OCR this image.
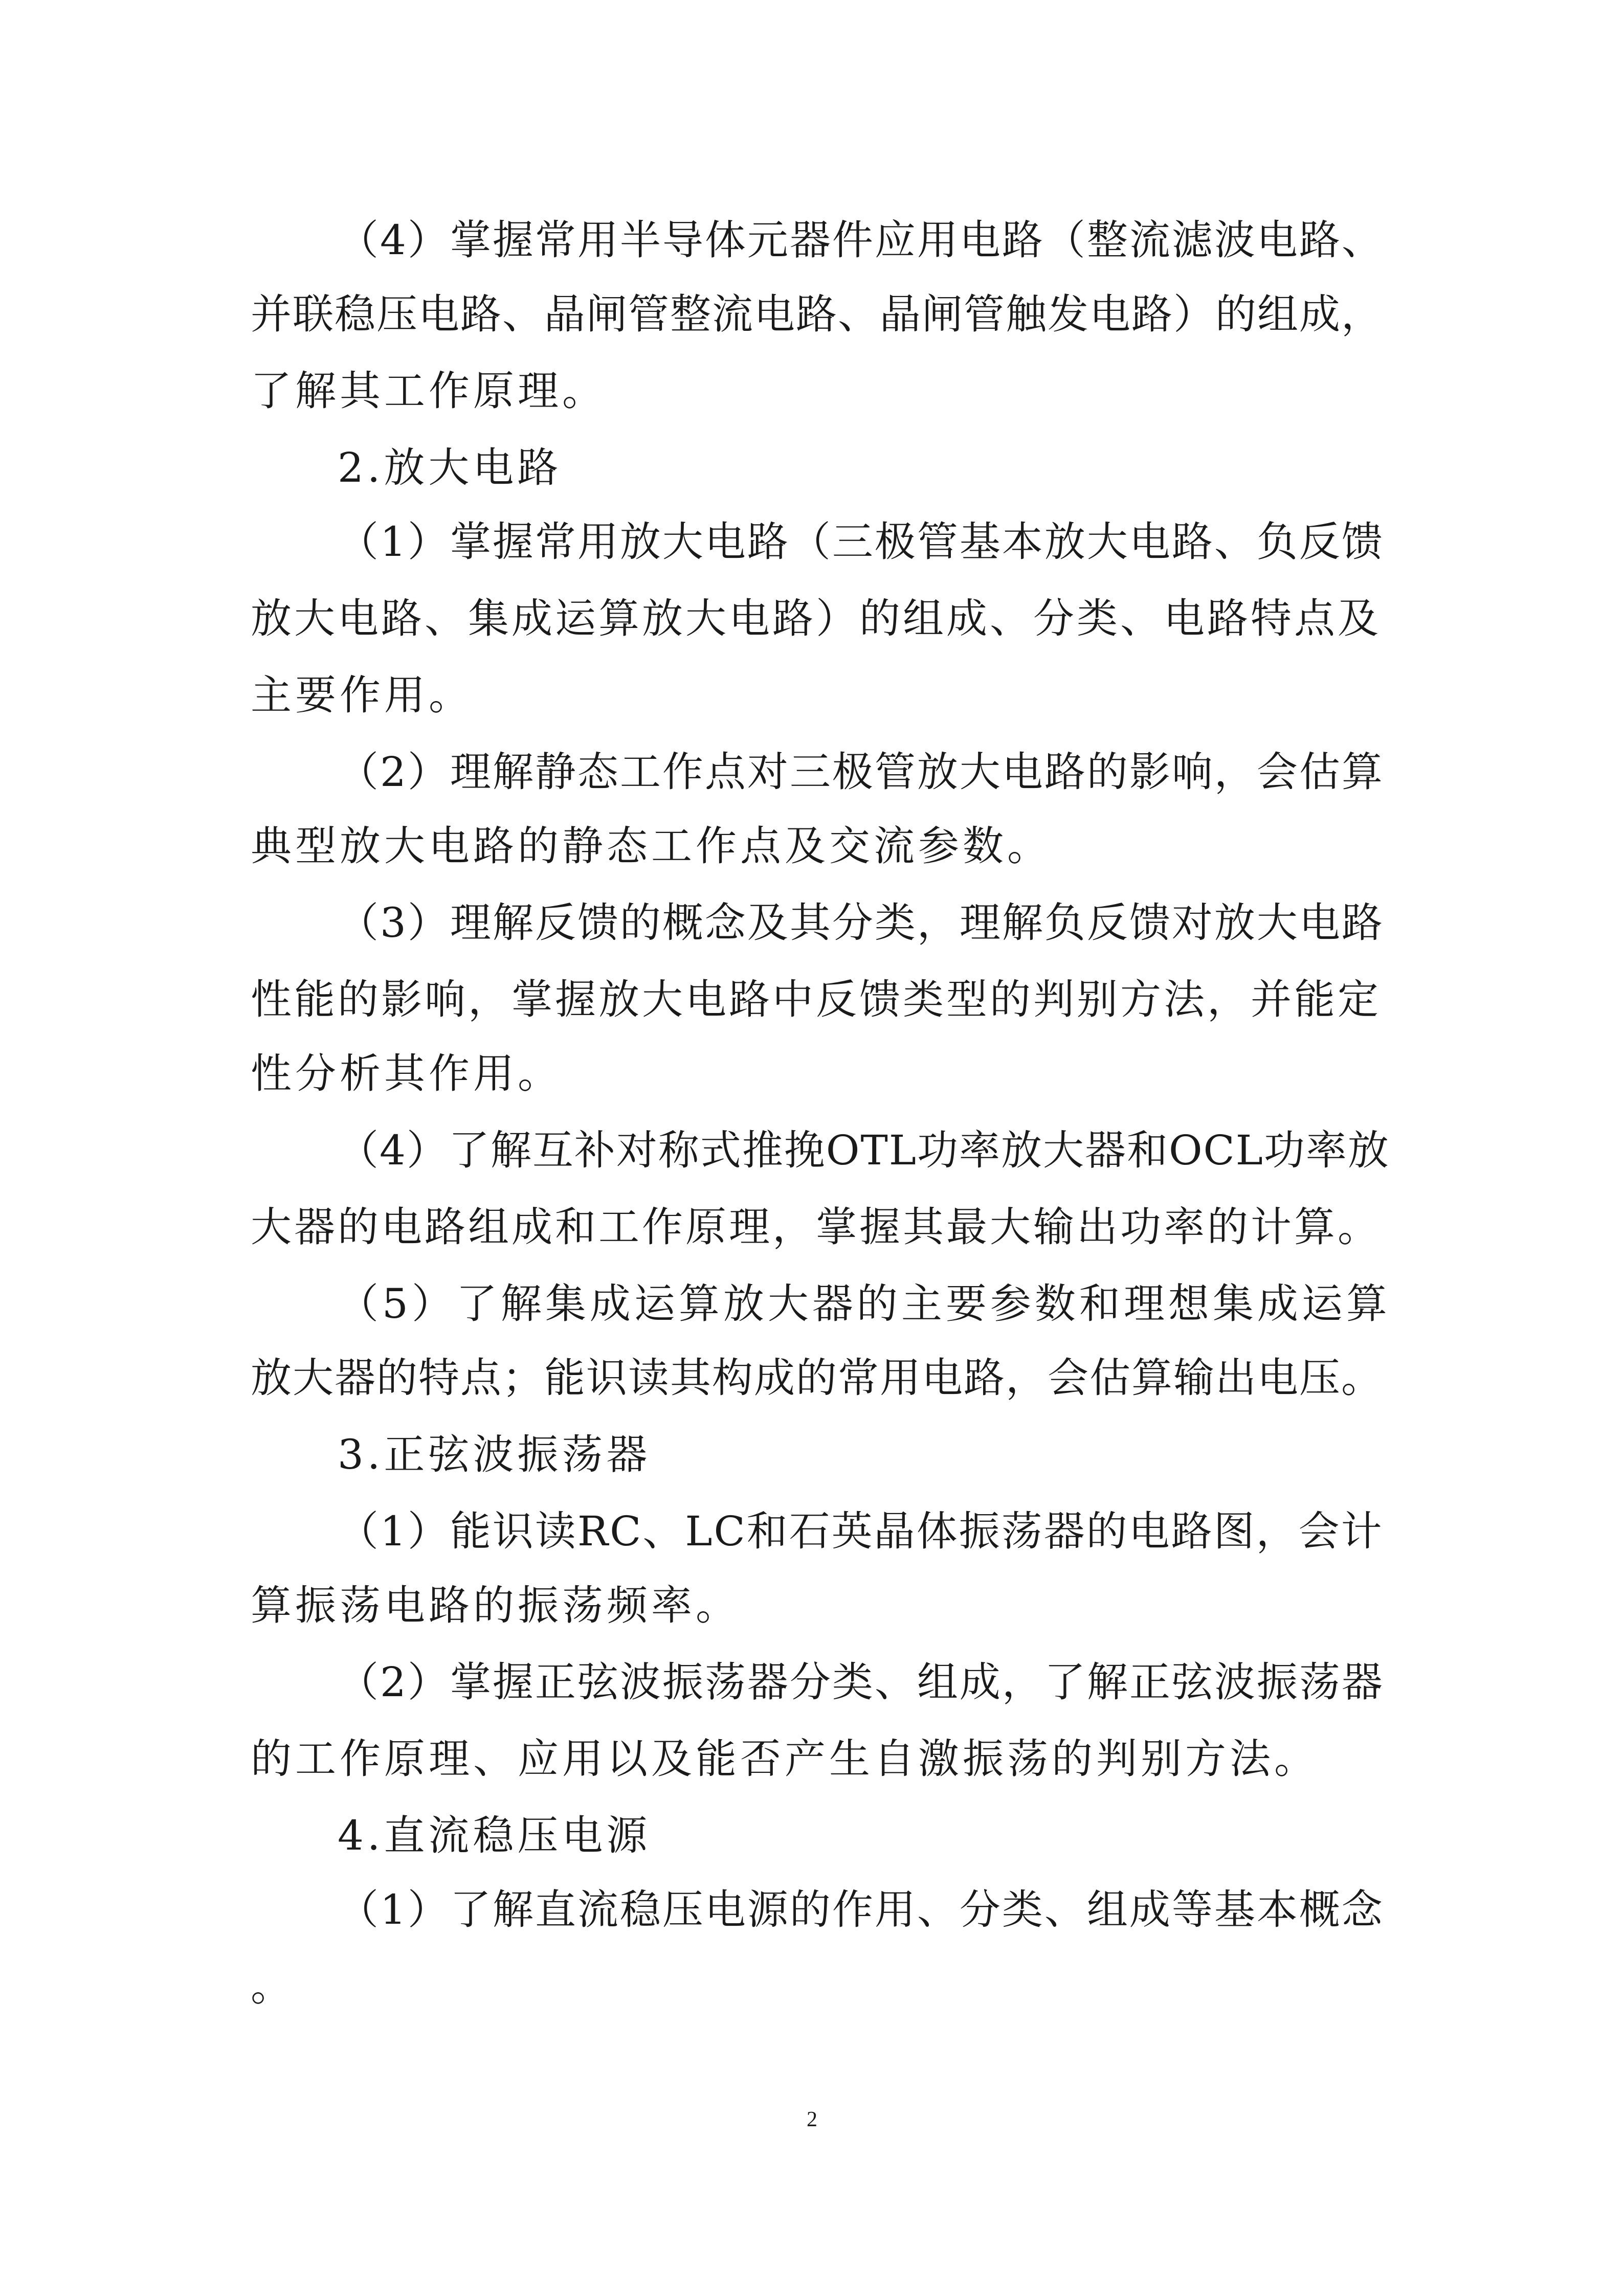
（4）掌握常用半导体元器件应用电路（整流滤波电路、
并联稳压电路、晶闸管整流电路、晶闸管触发电路）的组成，
了解其工作原理。
2.放大电路
（1）掌握常用放大电路（三极管基本放大电路、负反馈
放大电路、集成运算放大电路）的组成、分类、电路特点及
主要作用。
（2）理解静态工作点对三极管放大电路的影响，会估算
典型放大电路的静态工作点及交流参数。
（3）理解反馈的概念及其分类，理解负反馈对放大电路
性能的影响，掌握放大电路中反馈类型的判别方法，并能定
性分析其作用。
（4）了解互补对称式推挽OTL功率放大器和OCL功率放
大器的电路组成和工作原理，掌握其最大输出功率的计算。
（5）了解集成运算放大器的主要参数和理想集成运算
放大器的特点；能识读其构成的常用电路，会估算输出电压。
3.正弦波振荡器
（1）能识读RC、LC和石英晶体振荡器的电路图，会计
算振荡电路的振荡频率。
（2）掌握正弦波振荡器分类、组成，了解正弦波振荡器
的工作原理、应用以及能否产生自激振荡的判别方法。
4.直流稳压电源
（1）了解直流稳压电源的作用、分类、组成等基本概念
。
2
